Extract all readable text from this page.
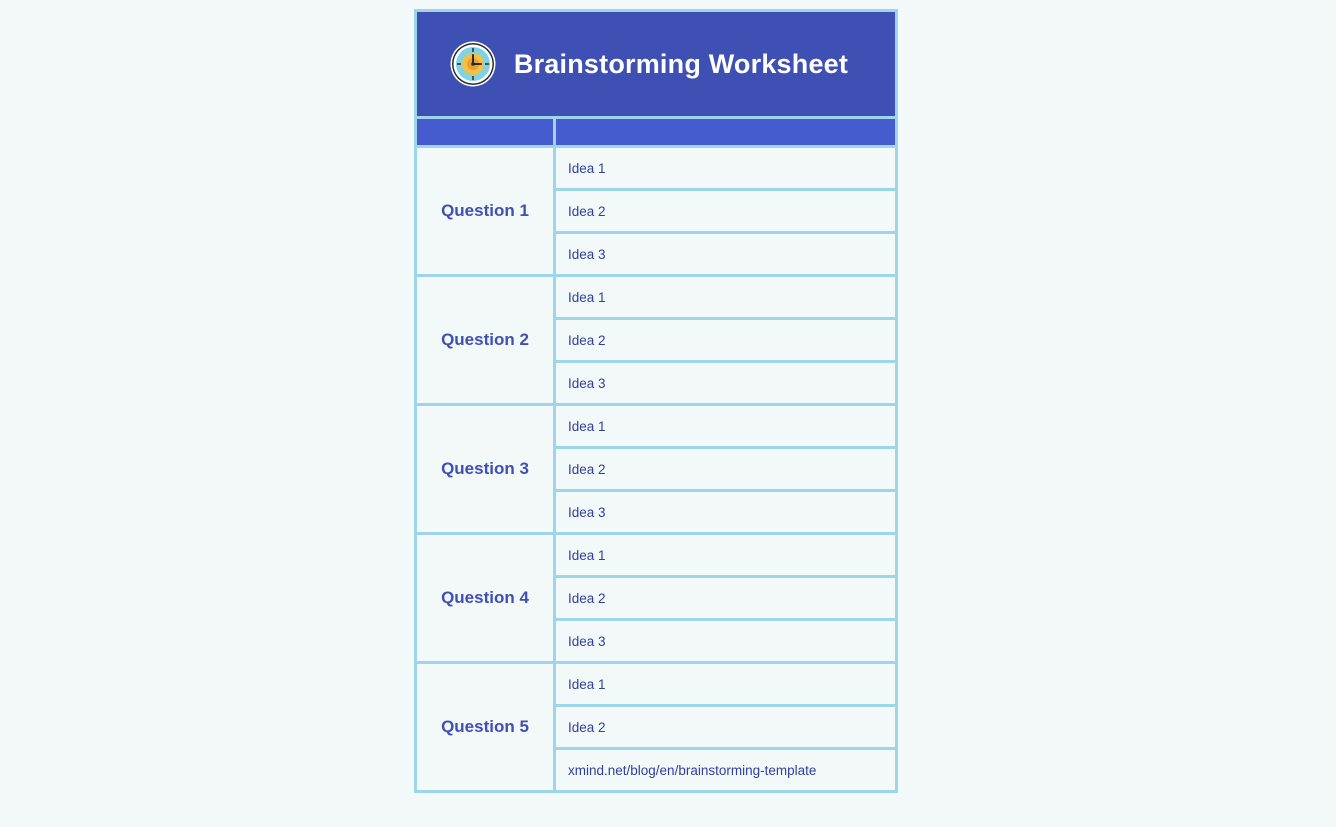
Brainstorming Worksheet
Question 1
Idea 1
Idea 2
Idea 3
Question 2
Idea 1
Idea 2
Idea 3
Question 3
Idea 1
Idea 2
Idea 3
Question 4
Idea 1
Idea 2
Idea 3
Question 5
Idea 1
Idea 2
xmind.net/blog/en/brainstorming-template
